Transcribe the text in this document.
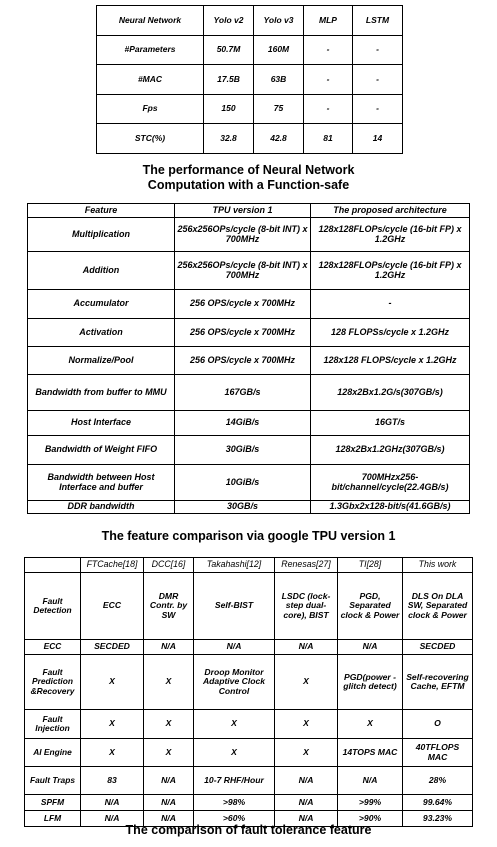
Neural Network	Yolo v2	Yolo v3	MLP	LSTM
#Parameters	50.7M	160M	-	-
#MAC	17.5B	63B	-	-
Fps	150	75	-	-
STC(%)	32.8	42.8	81	14
The performance of Neural Network
Computation with a Function-safe
Feature	TPU version 1	The proposed architecture
Multiplication	256x256OPs/cycle (8-bit INT) x 700MHz	128x128FLOPs/cycle (16-bit FP) x 1.2GHz
Addition	256x256OPs/cycle (8-bit INT) x 700MHz	128x128FLOPs/cycle (16-bit FP) x 1.2GHz
Accumulator	256 OPS/cycle x 700MHz	-
Activation	256 OPS/cycle x 700MHz	128 FLOPSs/cycle x 1.2GHz
Normalize/Pool	256 OPS/cycle x 700MHz	128x128 FLOPS/cycle x 1.2GHz
Bandwidth from buffer to MMU	167GB/s	128x2Bx1.2G/s(307GB/s)
Host Interface	14GiB/s	16GT/s
Bandwidth of Weight FIFO	30GiB/s	128x2Bx1.2GHz(307GB/s)
Bandwidth between Host Interface and buffer	10GiB/s	700MHzx256-bit/channel/cycle(22.4GB/s)
DDR bandwidth	30GB/s	1.3Gbx2x128-bit/s(41.6GB/s)
The feature comparison via google TPU version 1
	FTCache[18]	DCC[16]	Takahashi[12]	Renesas[27]	TI[28]	This work
Fault Detection	ECC	DMR Contr. by SW	Self-BIST	LSDC (lock-step dual-core), BIST	PGD, Separated clock & Power	DLS On DLA SW, Separated clock & Power
ECC	SECDED	N/A	N/A	N/A	N/A	SECDED
Fault Prediction &Recovery	X	X	Droop Monitor Adaptive Clock Control	X	PGD(power -glitch detect)	Self-recovering Cache, EFTM
Fault Injection	X	X	X	X	X	O
AI Engine	X	X	X	X	14TOPS MAC	40TFLOPS MAC
Fault Traps	83	N/A	10-7 RHF/Hour	N/A	N/A	28%
SPFM	N/A	N/A	>98%	N/A	>99%	99.64%
LFM	N/A	N/A	>60%	N/A	>90%	93.23%
The comparison of fault tolerance feature
